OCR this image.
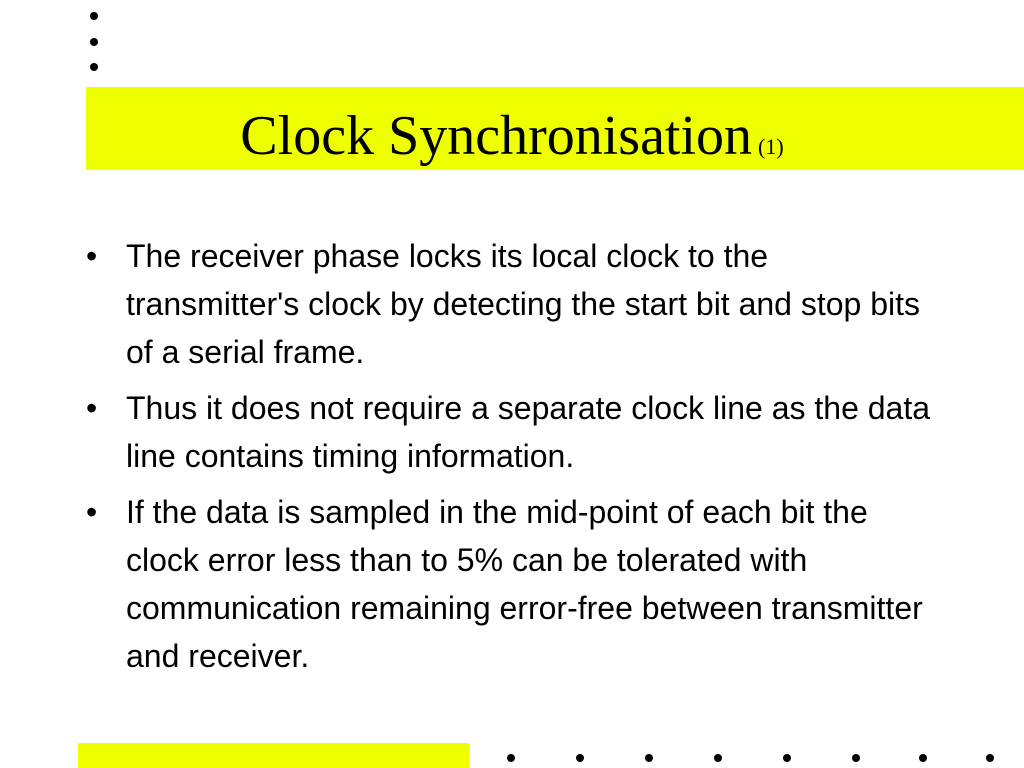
Clock Synchronisation (1)
• The receiver phase locks its local clock to the transmitter's clock by detecting the start bit and stop bits of a serial frame.
• Thus it does not require a separate clock line as the data line contains timing information.
• If the data is sampled in the mid-point of each bit the clock error less than to 5% can be tolerated with communication remaining error-free between transmitter and receiver.
